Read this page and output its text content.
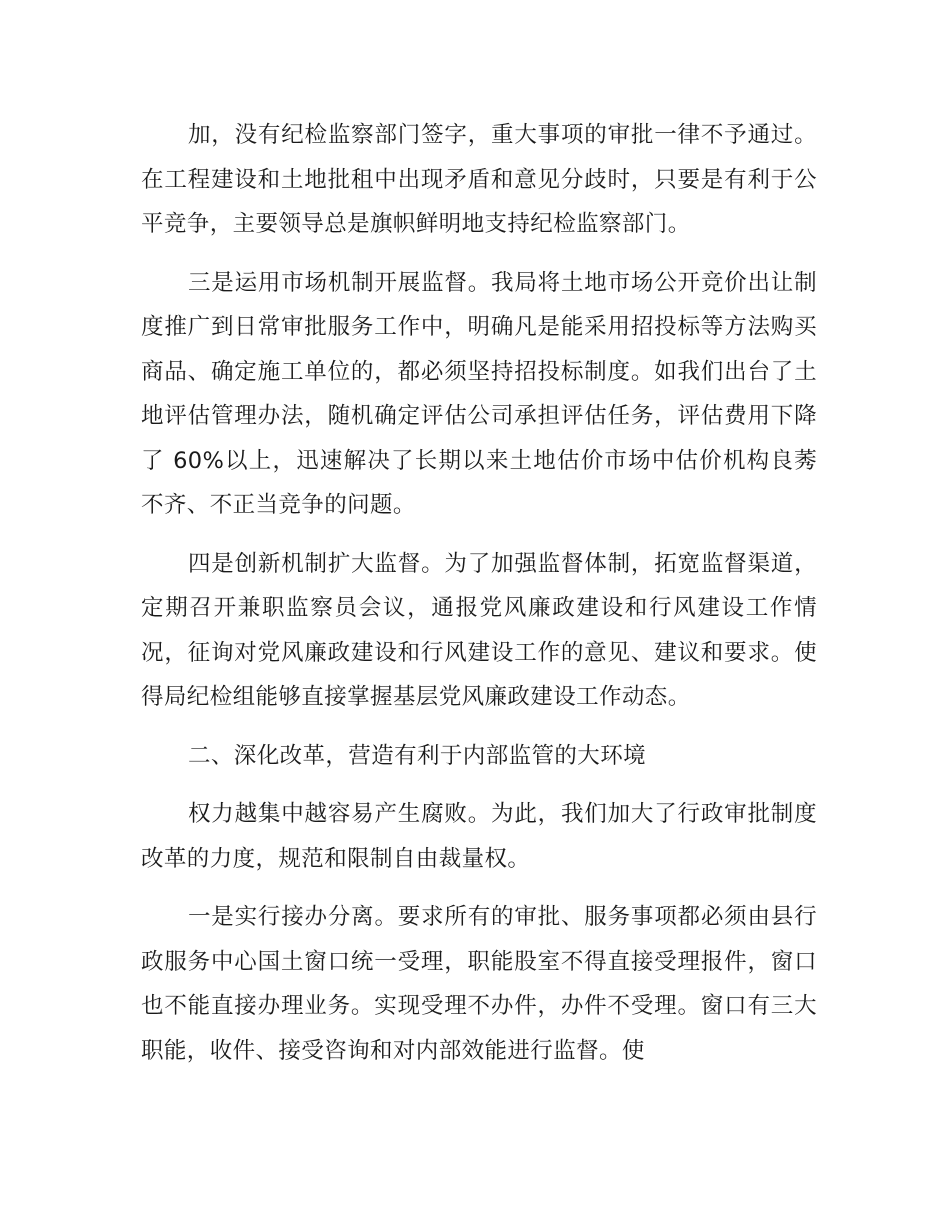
加，没有纪检监察部门签字，重大事项的审批一律不予通过。在工程建设和土地批租中出现矛盾和意见分歧时，只要是有利于公平竞争，主要领导总是旗帜鲜明地支持纪检监察部门。

三是运用市场机制开展监督。我局将土地市场公开竞价出让制度推广到日常审批服务工作中，明确凡是能采用招投标等方法购买商品、确定施工单位的，都必须坚持招投标制度。如我们出台了土地评估管理办法，随机确定评估公司承担评估任务，评估费用下降了 60%以上，迅速解决了长期以来土地估价市场中估价机构良莠不齐、不正当竞争的问题。

四是创新机制扩大监督。为了加强监督体制，拓宽监督渠道，定期召开兼职监察员会议，通报党风廉政建设和行风建设工作情况，征询对党风廉政建设和行风建设工作的意见、建议和要求。使得局纪检组能够直接掌握基层党风廉政建设工作动态。

二、深化改革，营造有利于内部监管的大环境

权力越集中越容易产生腐败。为此，我们加大了行政审批制度改革的力度，规范和限制自由裁量权。

一是实行接办分离。要求所有的审批、服务事项都必须由县行政服务中心国土窗口统一受理，职能股室不得直接受理报件，窗口也不能直接办理业务。实现受理不办件，办件不受理。窗口有三大职能，收件、接受咨询和对内部效能进行监督。使
